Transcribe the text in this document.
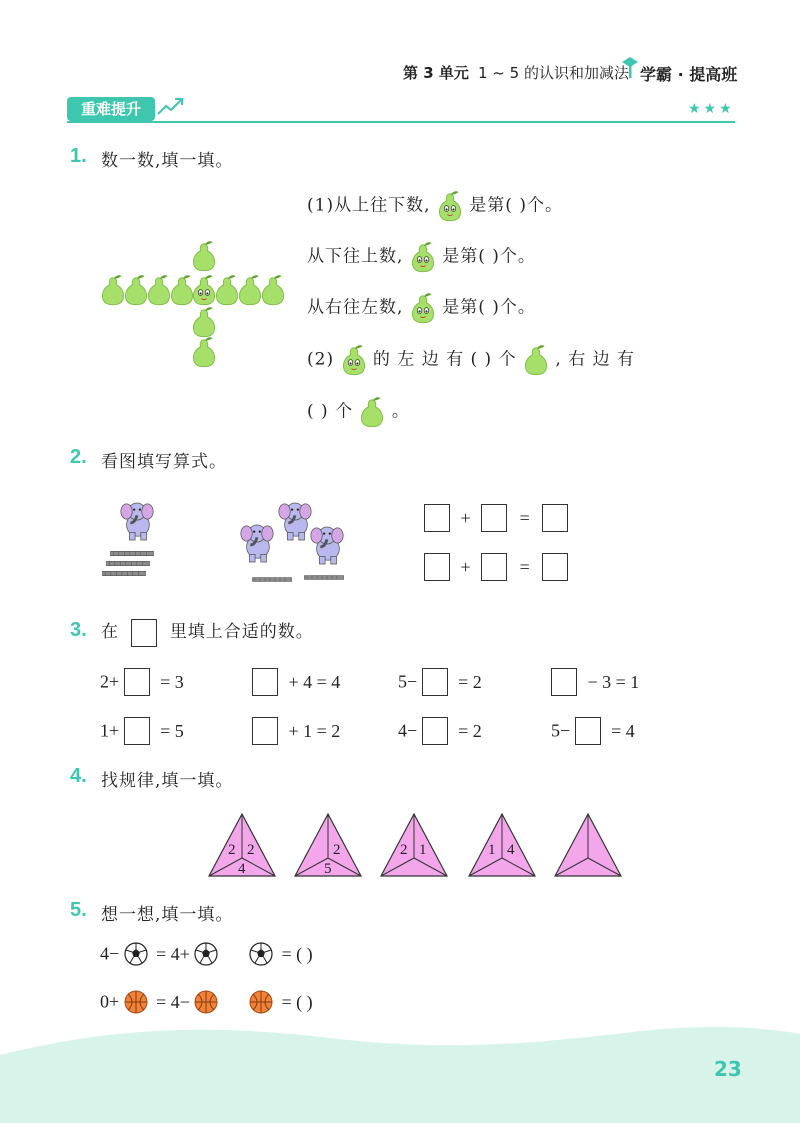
第 3 单元 1 ~ 5 的认识和加减法 学霸 · 提高班
重难提升	★★★
1. 数一数,填一填。
(1)从上往下数, 是第( )个。
从下往上数, 是第( )个。
从右往左数, 是第( )个。
(2) 的 左 边 有 ( ) 个 , 右 边 有
( ) 个 。
2. 看图填写算式。
+	=
+	=
3. 在	里填上合适的数。
2+ = 3	+ 4 = 4	5− = 2	− 3 = 1
1+ = 5	+ 1 = 2	4− = 2	5− = 4
4. 找规律,填一填。
2 2
4
2
5
2 1	1 4
5. 想一想,填一填。
4− = 4+	= ( )
0+ = 4−	= ( )
23
